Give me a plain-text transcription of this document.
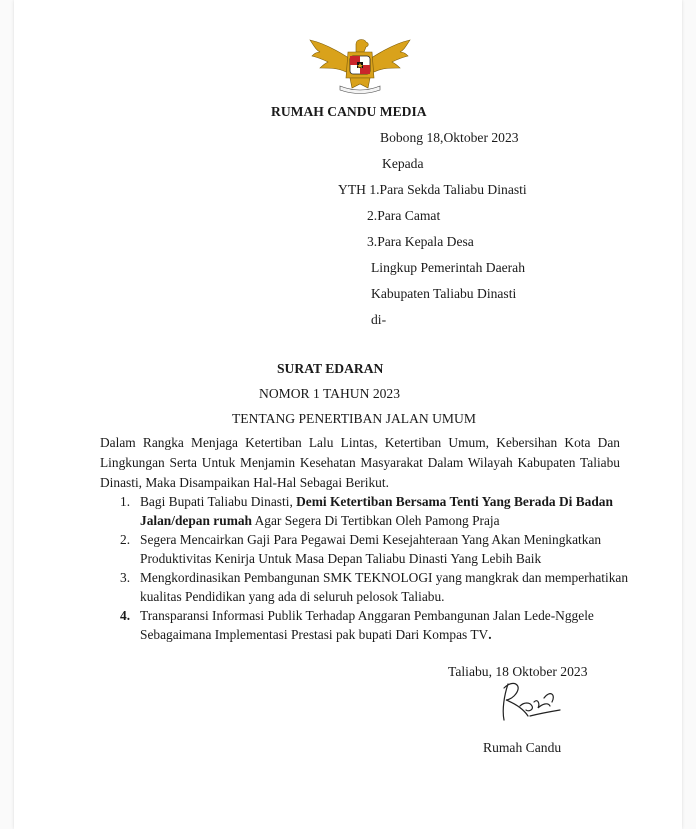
RUMAH CANDU MEDIA
Bobong 18,Oktober 2023
Kepada
YTH 1.Para Sekda Taliabu Dinasti
2.Para Camat
3.Para Kepala Desa
Lingkup Pemerintah Daerah
Kabupaten Taliabu Dinasti
di-
SURAT EDARAN
NOMOR 1 TAHUN 2023
TENTANG PENERTIBAN JALAN UMUM
Dalam Rangka Menjaga Ketertiban Lalu Lintas, Ketertiban Umum, Kebersihan Kota Dan Lingkungan Serta Untuk Menjamin Kesehatan Masyarakat Dalam Wilayah Kabupaten Taliabu Dinasti, Maka Disampaikan Hal-Hal Sebagai Berikut.
1. Bagi Bupati Taliabu Dinasti, Demi Ketertiban Bersama Tenti Yang Berada Di Badan Jalan/depan rumah Agar Segera Di Tertibkan Oleh Pamong Praja
2. Segera Mencairkan Gaji Para Pegawai Demi Kesejahteraan Yang Akan Meningkatkan Produktivitas Kenirja Untuk Masa Depan Taliabu Dinasti Yang Lebih Baik
3. Mengkordinasikan Pembangunan SMK TEKNOLOGI yang mangkrak dan memperhatikan kualitas Pendidikan yang ada di seluruh pelosok Taliabu.
4. Transparansi Informasi Publik Terhadap Anggaran Pembangunan Jalan Lede-Nggele Sebagaimana Implementasi Prestasi pak bupati Dari Kompas TV.
Taliabu, 18 Oktober 2023
Rumah Candu
